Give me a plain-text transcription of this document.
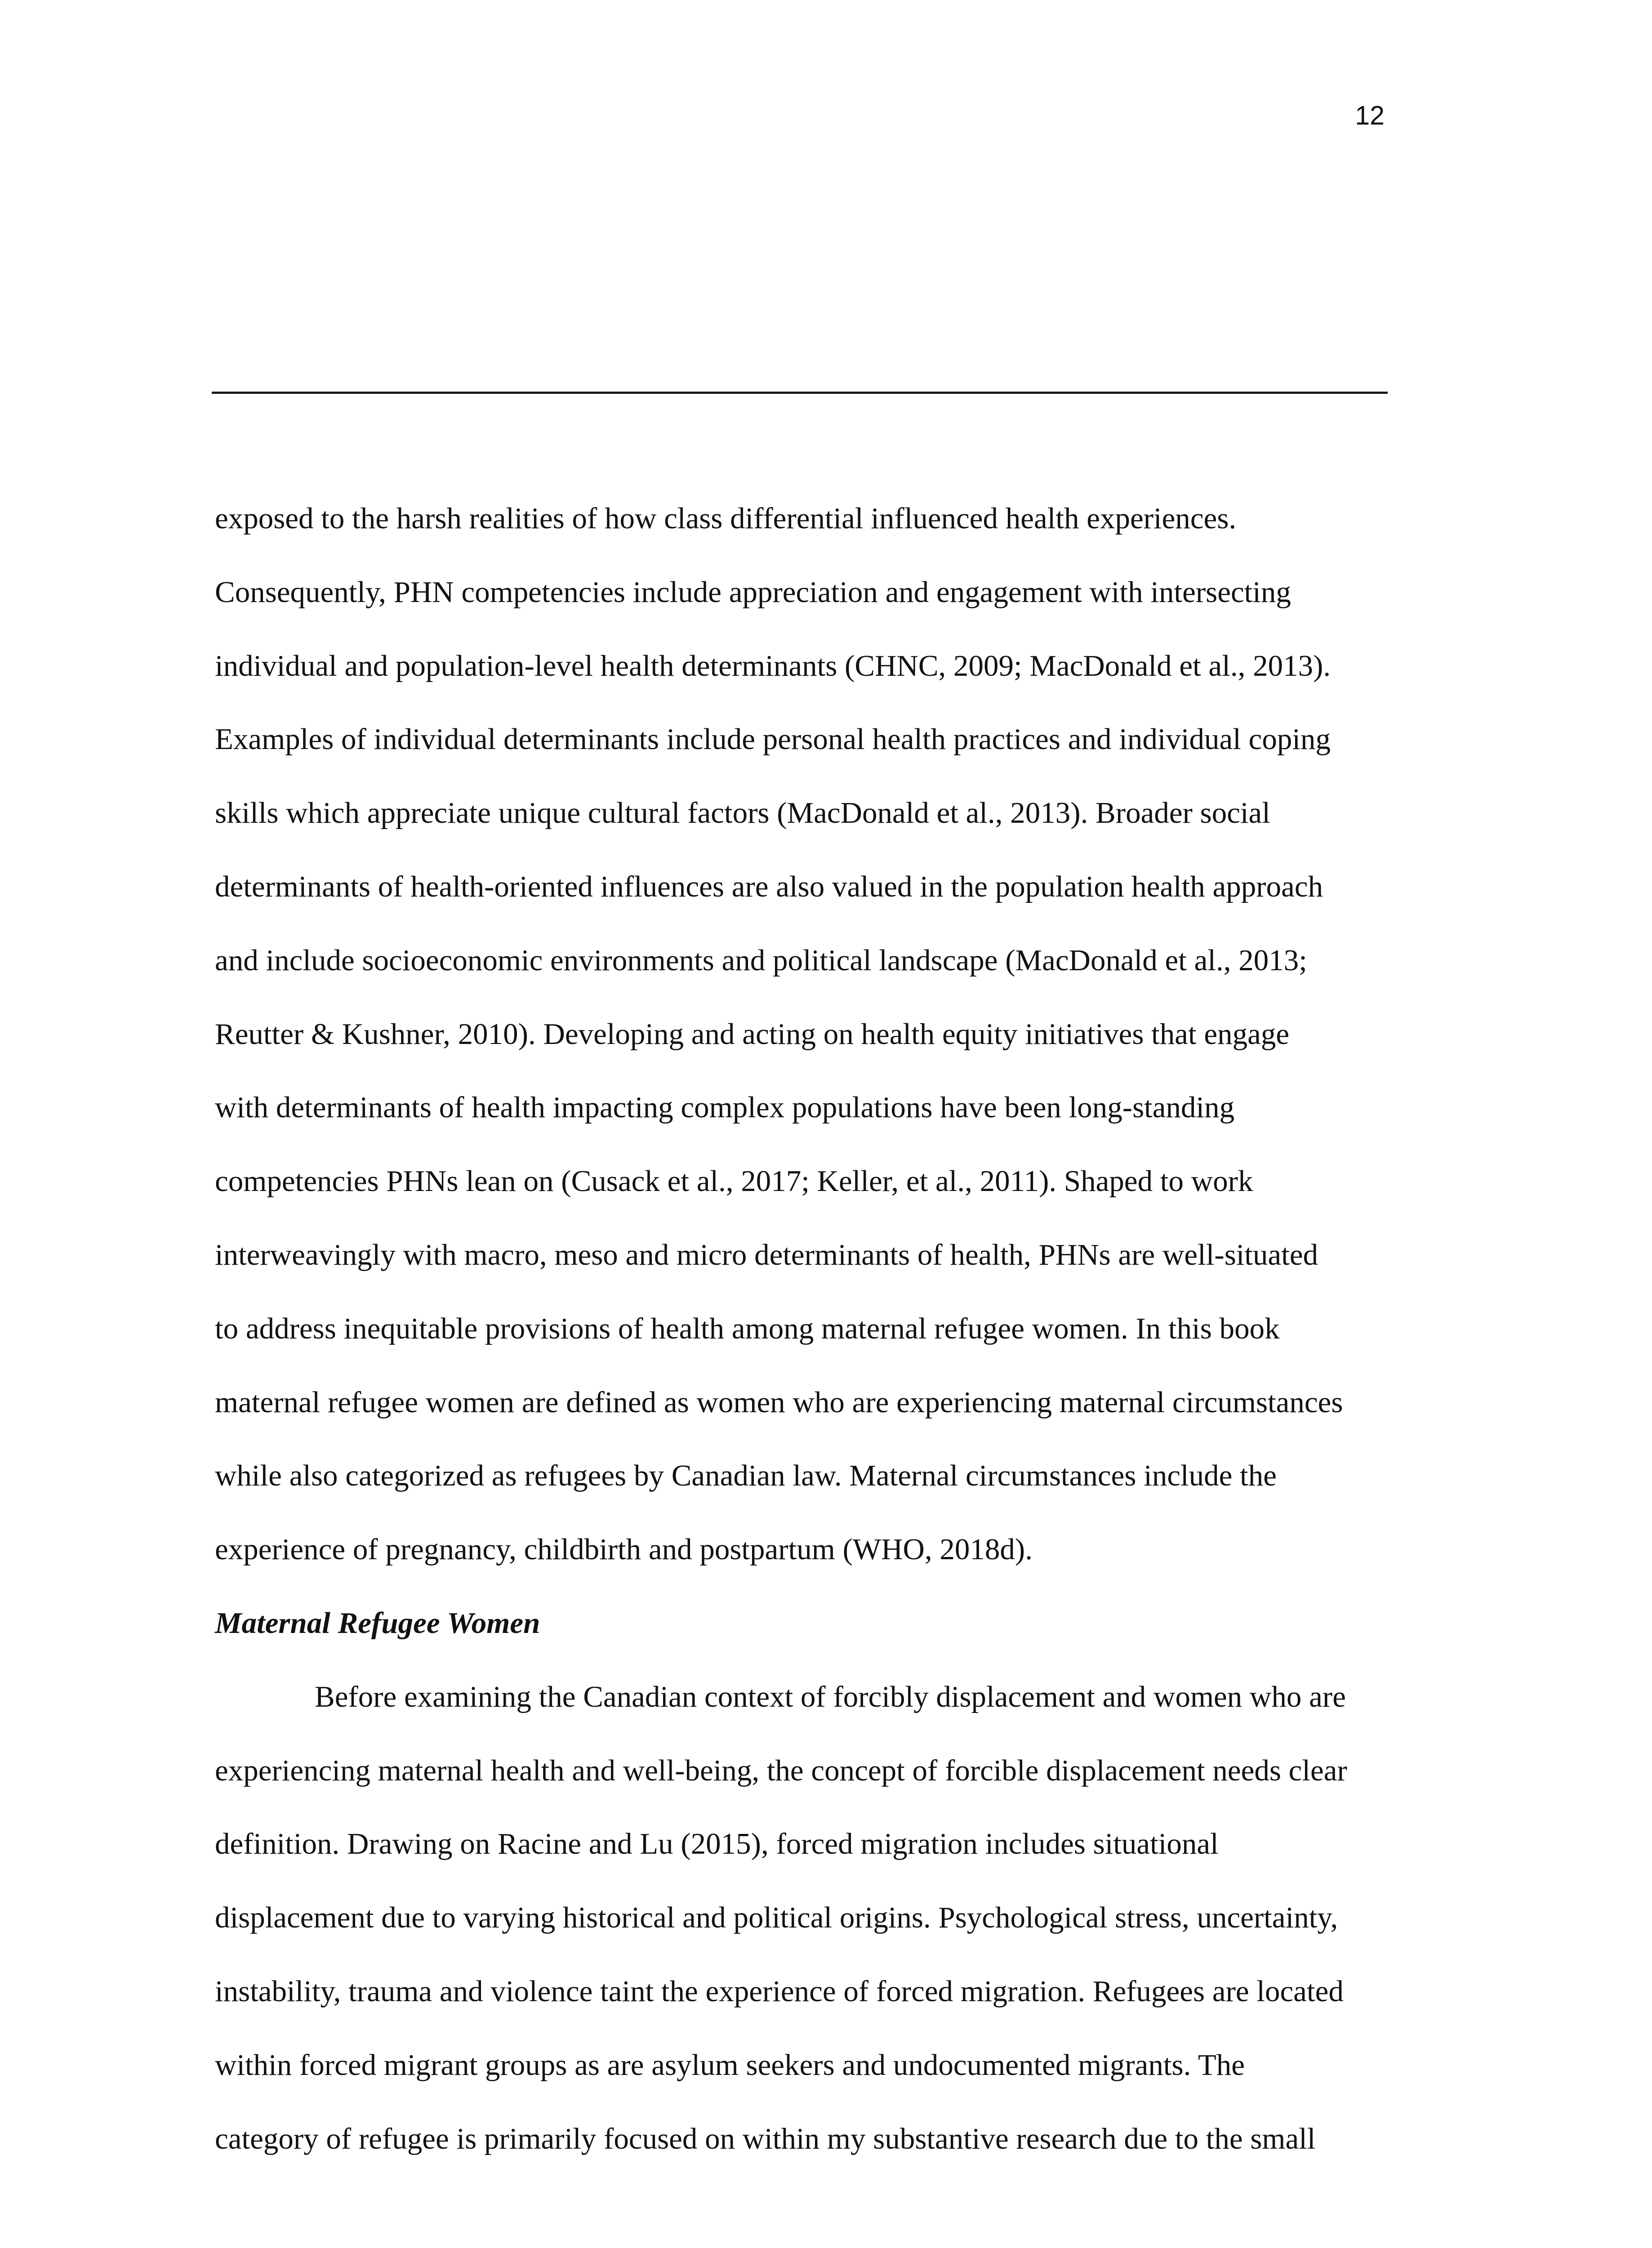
12
exposed to the harsh realities of how class differential influenced health experiences.
Consequently, PHN competencies include appreciation and engagement with intersecting
individual and population-level health determinants (CHNC, 2009; MacDonald et al., 2013).
Examples of individual determinants include personal health practices and individual coping
skills which appreciate unique cultural factors (MacDonald et al., 2013). Broader social
determinants of health-oriented influences are also valued in the population health approach
and include socioeconomic environments and political landscape (MacDonald et al., 2013;
Reutter & Kushner, 2010). Developing and acting on health equity initiatives that engage
with determinants of health impacting complex populations have been long-standing
competencies PHNs lean on (Cusack et al., 2017; Keller, et al., 2011). Shaped to work
interweavingly with macro, meso and micro determinants of health, PHNs are well-situated
to address inequitable provisions of health among maternal refugee women. In this book
maternal refugee women are defined as women who are experiencing maternal circumstances
while also categorized as refugees by Canadian law. Maternal circumstances include the
experience of pregnancy, childbirth and postpartum (WHO, 2018d).
Maternal Refugee Women
Before examining the Canadian context of forcibly displacement and women who are
experiencing maternal health and well-being, the concept of forcible displacement needs clear
definition. Drawing on Racine and Lu (2015), forced migration includes situational
displacement due to varying historical and political origins. Psychological stress, uncertainty,
instability, trauma and violence taint the experience of forced migration. Refugees are located
within forced migrant groups as are asylum seekers and undocumented migrants. The
category of refugee is primarily focused on within my substantive research due to the small
